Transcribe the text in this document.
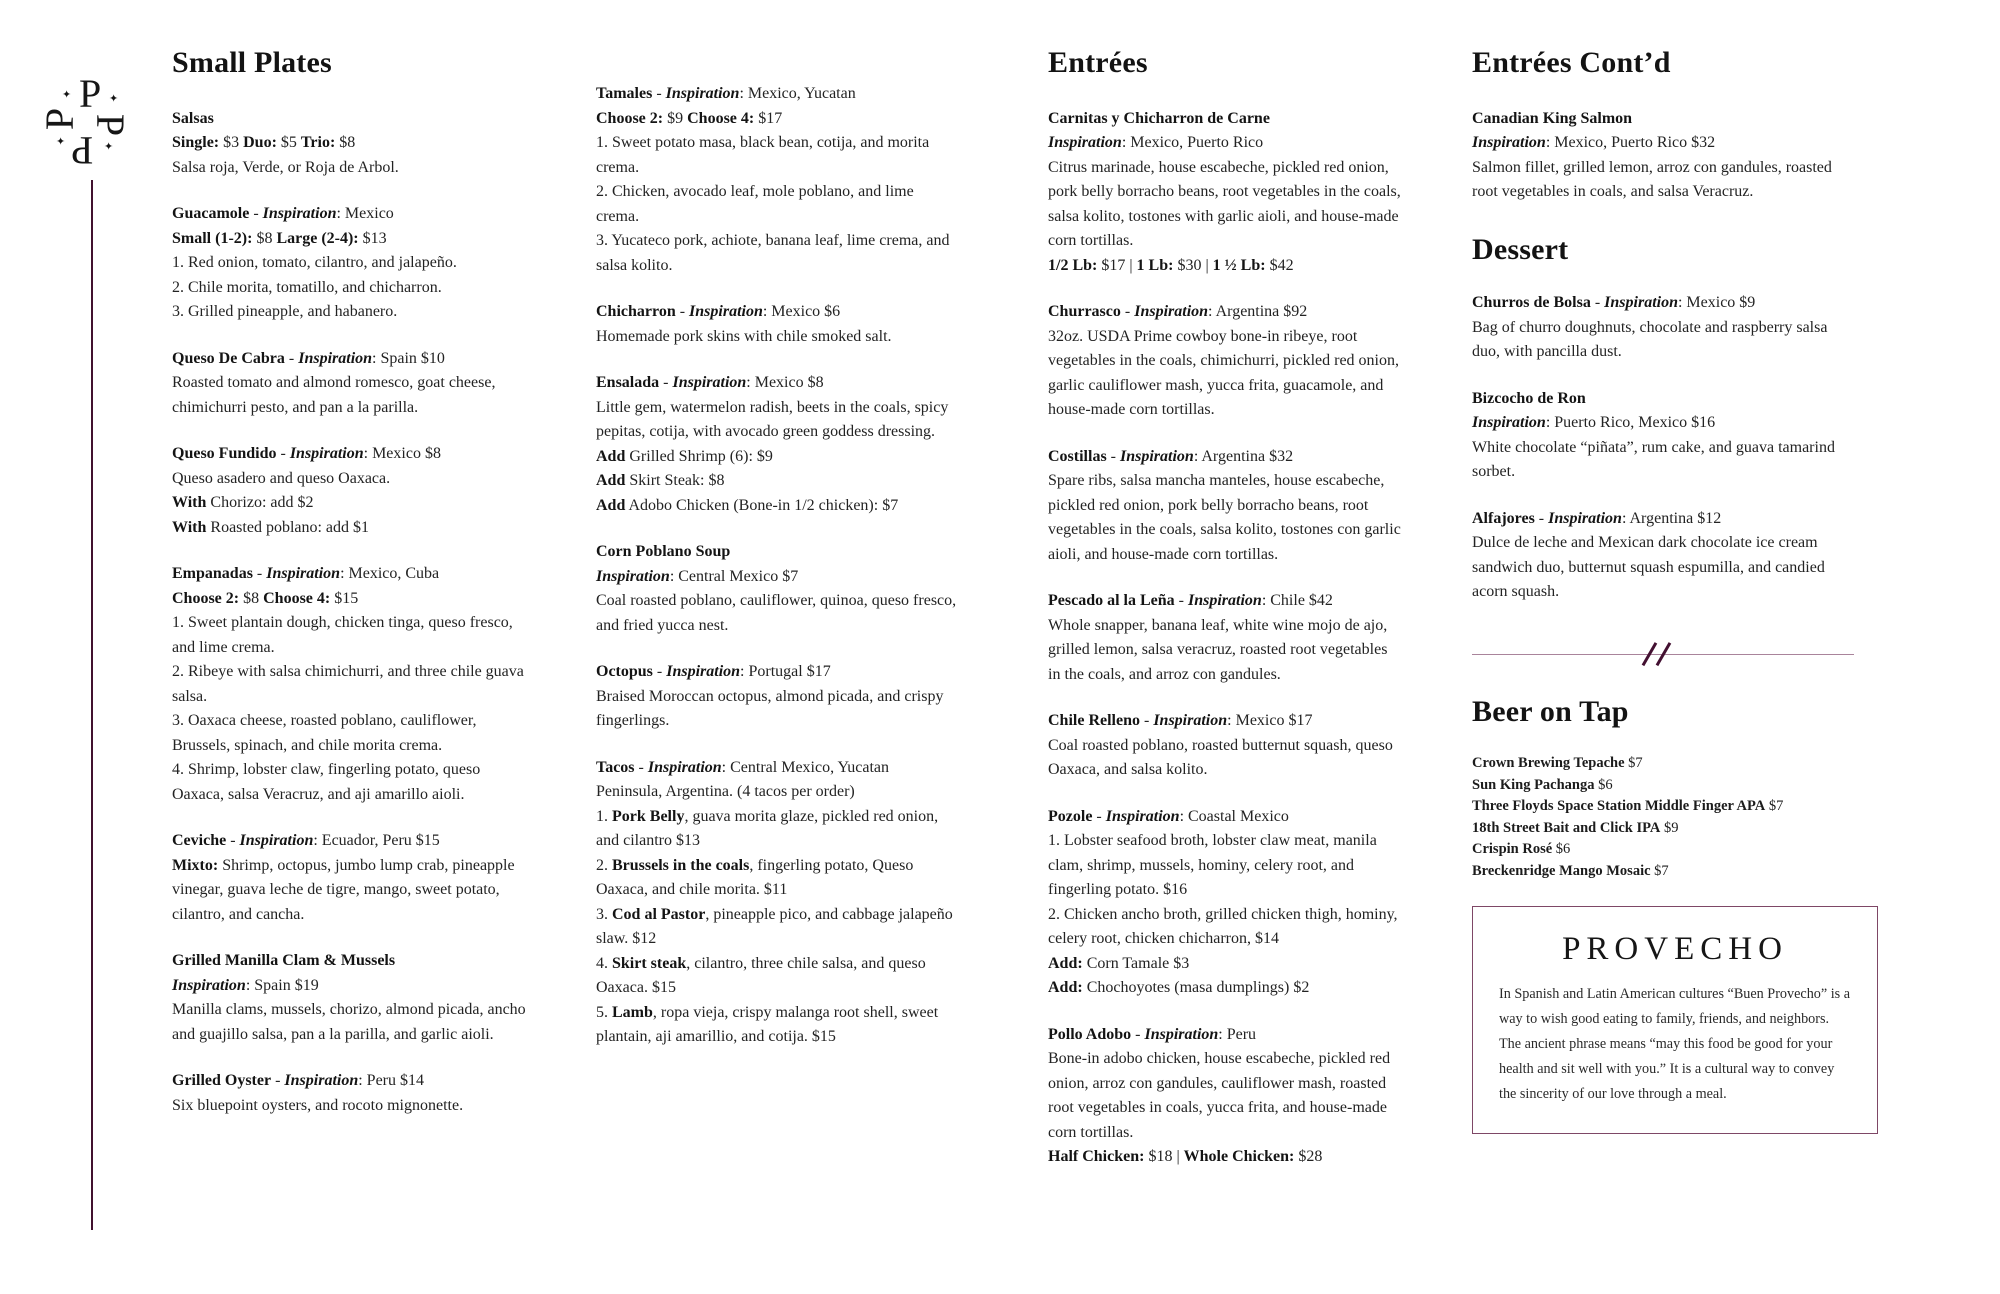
P
P
P
P
✦	✦
✦	✦
Small Plates
Salsas
Single: $3 Duo: $5 Trio: $8
Salsa roja, Verde, or Roja de Arbol.
Guacamole - Inspiration: Mexico
Small (1-2): $8 Large (2-4): $13
1. Red onion, tomato, cilantro, and jalapeño.
2. Chile morita, tomatillo, and chicharron.
3. Grilled pineapple, and habanero.
Queso De Cabra - Inspiration: Spain $10
Roasted tomato and almond romesco, goat cheese, chimichurri pesto, and pan a la parilla.
Queso Fundido - Inspiration: Mexico $8
Queso asadero and queso Oaxaca.
With Chorizo: add $2
With Roasted poblano: add $1
Empanadas - Inspiration: Mexico, Cuba
Choose 2: $8 Choose 4: $15
1. Sweet plantain dough, chicken tinga, queso fresco, and lime crema.
2. Ribeye with salsa chimichurri, and three chile guava salsa.
3. Oaxaca cheese, roasted poblano, cauliflower, Brussels, spinach, and chile morita crema.
4. Shrimp, lobster claw, fingerling potato, queso Oaxaca, salsa Veracruz, and aji amarillo aioli.
Ceviche - Inspiration: Ecuador, Peru $15
Mixto: Shrimp, octopus, jumbo lump crab, pineapple vinegar, guava leche de tigre, mango, sweet potato, cilantro, and cancha.
Grilled Manilla Clam & Mussels
Inspiration: Spain $19
Manilla clams, mussels, chorizo, almond picada, ancho and guajillo salsa, pan a la parilla, and garlic aioli.
Grilled Oyster - Inspiration: Peru $14
Six bluepoint oysters, and rocoto mignonette.
Tamales - Inspiration: Mexico, Yucatan
Choose 2: $9 Choose 4: $17
1. Sweet potato masa, black bean, cotija, and morita crema.
2. Chicken, avocado leaf, mole poblano, and lime crema.
3. Yucateco pork, achiote, banana leaf, lime crema, and salsa kolito.
Chicharron - Inspiration: Mexico $6
Homemade pork skins with chile smoked salt.
Ensalada - Inspiration: Mexico $8
Little gem, watermelon radish, beets in the coals, spicy pepitas, cotija, with avocado green goddess dressing.
Add Grilled Shrimp (6): $9
Add Skirt Steak: $8
Add Adobo Chicken (Bone-in 1/2 chicken): $7
Corn Poblano Soup
Inspiration: Central Mexico $7
Coal roasted poblano, cauliflower, quinoa, queso fresco, and fried yucca nest.
Octopus - Inspiration: Portugal $17
Braised Moroccan octopus, almond picada, and crispy fingerlings.
Tacos - Inspiration: Central Mexico, Yucatan Peninsula, Argentina. (4 tacos per order)
1. Pork Belly, guava morita glaze, pickled red onion, and cilantro $13
2. Brussels in the coals, fingerling potato, Queso Oaxaca, and chile morita. $11
3. Cod al Pastor, pineapple pico, and cabbage jalapeño slaw. $12
4. Skirt steak, cilantro, three chile salsa, and queso Oaxaca. $15
5. Lamb, ropa vieja, crispy malanga root shell, sweet plantain, aji amarillio, and cotija. $15
Entrées
Carnitas y Chicharron de Carne
Inspiration: Mexico, Puerto Rico
Citrus marinade, house escabeche, pickled red onion, pork belly borracho beans, root vegetables in the coals, salsa kolito, tostones with garlic aioli, and house-made corn tortillas.
1/2 Lb: $17 | 1 Lb: $30 | 1 ½ Lb: $42
Churrasco - Inspiration: Argentina $92
32oz. USDA Prime cowboy bone-in ribeye, root vegetables in the coals, chimichurri, pickled red onion, garlic cauliflower mash, yucca frita, guacamole, and house-made corn tortillas.
Costillas - Inspiration: Argentina $32
Spare ribs, salsa mancha manteles, house escabeche, pickled red onion, pork belly borracho beans, root vegetables in the coals, salsa kolito, tostones con garlic aioli, and house-made corn tortillas.
Pescado al la Leña - Inspiration: Chile $42
Whole snapper, banana leaf, white wine mojo de ajo, grilled lemon, salsa veracruz, roasted root vegetables in the coals, and arroz con gandules.
Chile Relleno - Inspiration: Mexico $17
Coal roasted poblano, roasted butternut squash, queso Oaxaca, and salsa kolito.
Pozole - Inspiration: Coastal Mexico
1. Lobster seafood broth, lobster claw meat, manila clam, shrimp, mussels, hominy, celery root, and fingerling potato. $16
2. Chicken ancho broth, grilled chicken thigh, hominy, celery root, chicken chicharron, $14
Add: Corn Tamale $3
Add: Chochoyotes (masa dumplings) $2
Pollo Adobo - Inspiration: Peru
Bone-in adobo chicken, house escabeche, pickled red onion, arroz con gandules, cauliflower mash, roasted root vegetables in coals, yucca frita, and house-made corn tortillas.
Half Chicken: $18 | Whole Chicken: $28
Entrées Cont’d
Canadian King Salmon
Inspiration: Mexico, Puerto Rico $32
Salmon fillet, grilled lemon, arroz con gandules, roasted root vegetables in coals, and salsa Veracruz.
Dessert
Churros de Bolsa - Inspiration: Mexico $9
Bag of churro doughnuts, chocolate and raspberry salsa duo, with pancilla dust.
Bizcocho de Ron
Inspiration: Puerto Rico, Mexico $16
White chocolate “piñata”, rum cake, and guava tamarind sorbet.
Alfajores - Inspiration: Argentina $12
Dulce de leche and Mexican dark chocolate ice cream sandwich duo, butternut squash espumilla, and candied acorn squash.
Beer on Tap
Crown Brewing Tepache $7
Sun King Pachanga $6
Three Floyds Space Station Middle Finger APA $7
18th Street Bait and Click IPA $9
Crispin Rosé $6
Breckenridge Mango Mosaic $7
PROVECHO
In Spanish and Latin American cultures “Buen Provecho” is a way to wish good eating to family, friends, and neighbors. The ancient phrase means “may this food be good for your health and sit well with you.” It is a cultural way to convey the sincerity of our love through a meal.
